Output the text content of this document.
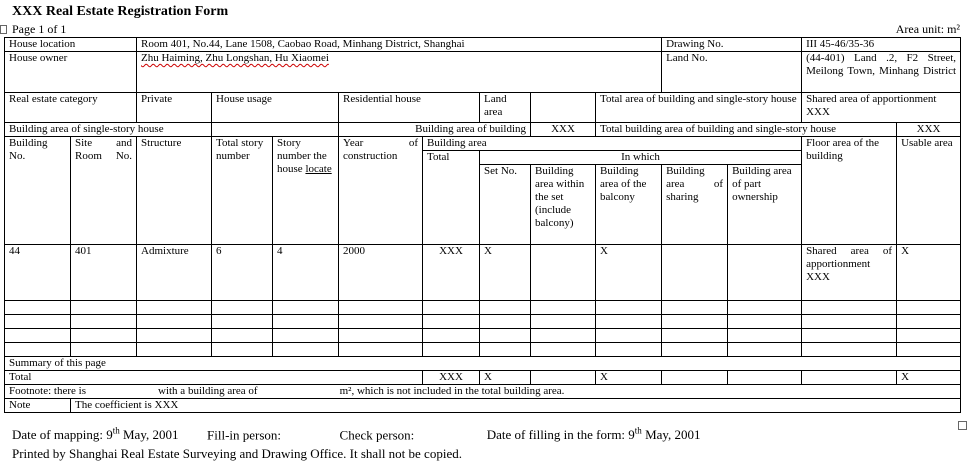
XXX Real Estate Registration Form
Page 1 of 1	Area unit: m²
House location		Room 401, No.44, Lane 1508, Caobao Road, Minhang District, Shanghai								Drawing No.		III 45-46/35-36	
House owner		Zhu Haiming, Zhu Longshan, Hu Xiaomei								Land No.		(44-401) Land .2, F2 Street, Meilong Town, Minhang District	
Real estate category		Private	House usage		Residential house		Land area		Total area of building and single-story house			Shared area of apportionment XXX	
Building area of single-story house					Building area of building			XXX	Total building area of building and single-story house				XXX
Building No.	Site and Room No.	Structure	Total story number	Story number the house locate	Year of construction	Building area						Floor area of the building	Usable area
						Total	In which						
							Set No.	Building area within the set (include balcony)	Building area of the balcony	Building area of sharing	Building area of part ownership		
44	401	Admixture	6	4	2000	XXX	X		X			Shared area of apportionment XXX	X

Summary of this page													
Total						XXX	X		X				X
Footnote: there is with a building area of m², which is not included in the total building area.													
Note	The coefficient is XXX												
Date of mapping: 9th May, 2001 Fill-in person:	Check person:	Date of filling in the form: 9th May, 2001
Printed by Shanghai Real Estate Surveying and Drawing Office. It shall not be copied.
